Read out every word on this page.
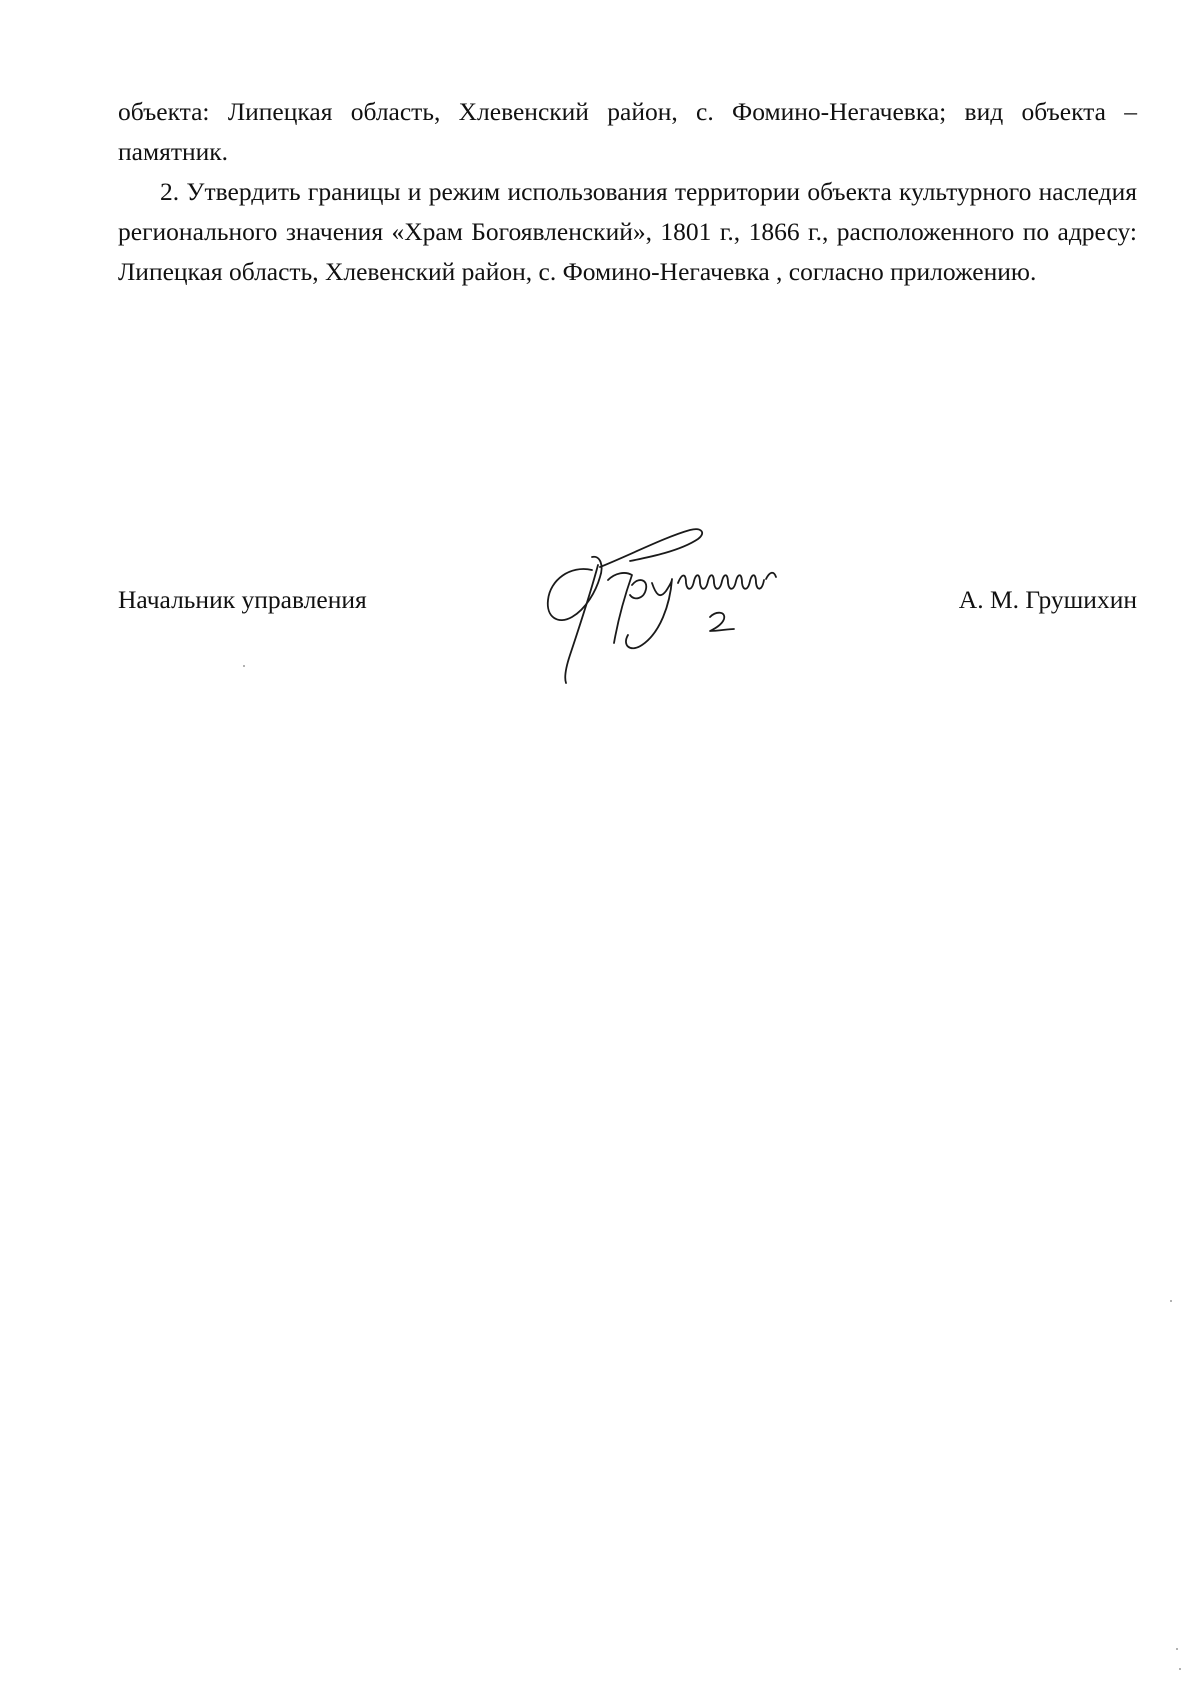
объекта: Липецкая область, Хлевенский район, с. Фомино-Негачевка; вид объекта – памятник.

2. Утвердить границы и режим использования территории объекта культурного наследия регионального значения «Храм Богоявленский», 1801 г., 1866 г., расположенного по адресу: Липецкая область, Хлевенский район, с. Фомино-Негачевка , согласно приложению.

Начальник управления	А. М. Грушихин
